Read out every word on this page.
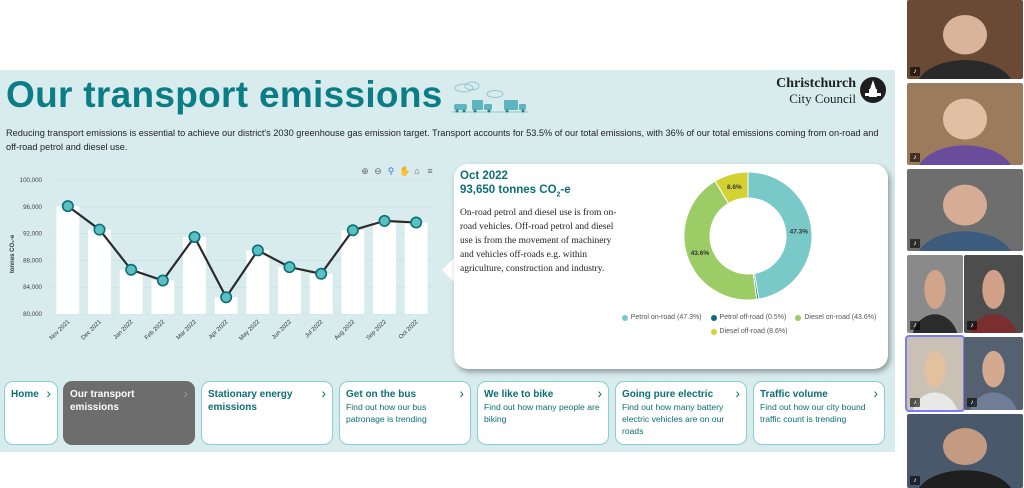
Our transport emissions	Christchurch
City Council
Reducing transport emissions is essential to achieve our district's 2030 greenhouse gas emission target. Transport accounts for 53.5% of our total emissions, with 36% of our total emissions coming from on-road and off-road petrol and diesel use.
⊕ ⊖ ⚲ ✋ ⌂ ≡
80,000
84,000
88,000
92,000
96,000
100,000
tonnes CO₂-e
Nov 2021 Dec 2021 Jan 2022 Feb 2022 Mar 2022 Apr 2022 May 2022 Jun 2022 Jul 2022 Aug 2022 Sep 2022 Oct 2022
Oct 2022
93,650 tonnes $CO_2-e$
On-road petrol and diesel use is from on-road vehicles. Off-road petrol and diesel use is from the movement of machinery and vehicles off-roads e.g. within agriculture, construction and industry.
47.3%
43.6%
8.6%
Petrol on-road (47.3%)	Petrol off-road (0.5%)	Diesel on-road (43.6%)
Diesel off-road (8.6%)
Home › Our transport emissions
› Stationary energy emissions
› Get on the bus
Find out how our bus patronage is trending
› We like to bike
Find out how many people are biking
› Going pure electric
Find out how many battery electric vehicles are on our roads
› Traffic volume
Find out how our city bound traffic count is trending
›
♪
♪
♪
♪	♪
♪	♪
♪
